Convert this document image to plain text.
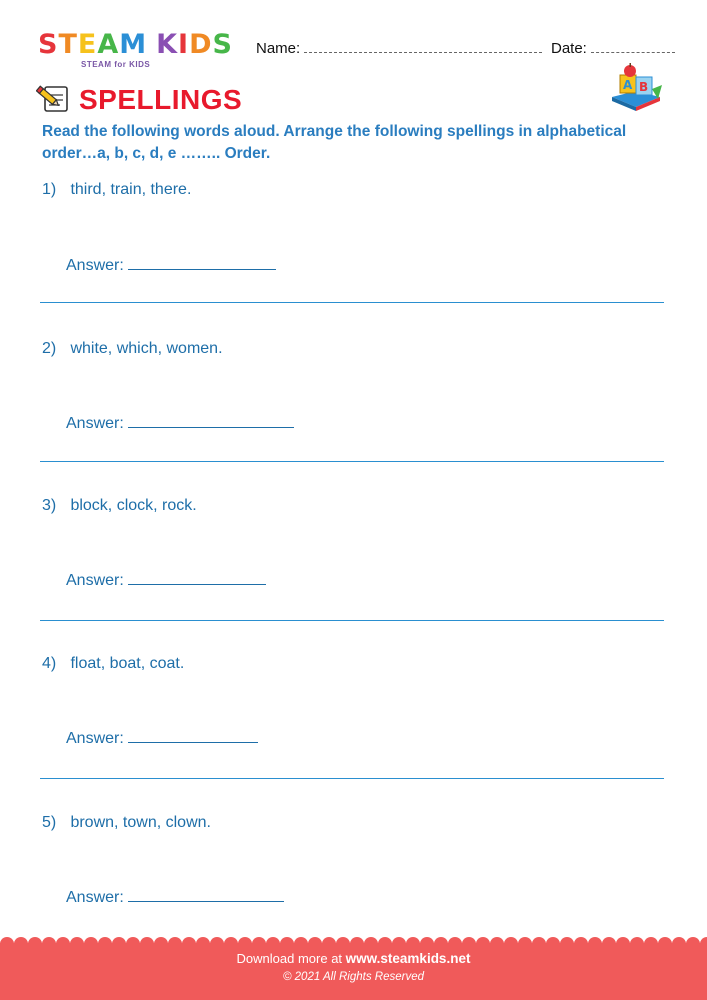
STEAM KIDS
STEAM for KIDS
Name:	Date:
SPELLINGS	A B
Read the following words aloud. Arrange the following spellings in alphabetical order…a, b, c, d, e …….. Order.
1) third, train, there.
Answer:
2) white, which, women.
Answer:
3) block, clock, rock.
Answer:
4) float, boat, coat.
Answer:
5) brown, town, clown.
Answer:
Download more at www.steamkids.net
© 2021 All Rights Reserved
